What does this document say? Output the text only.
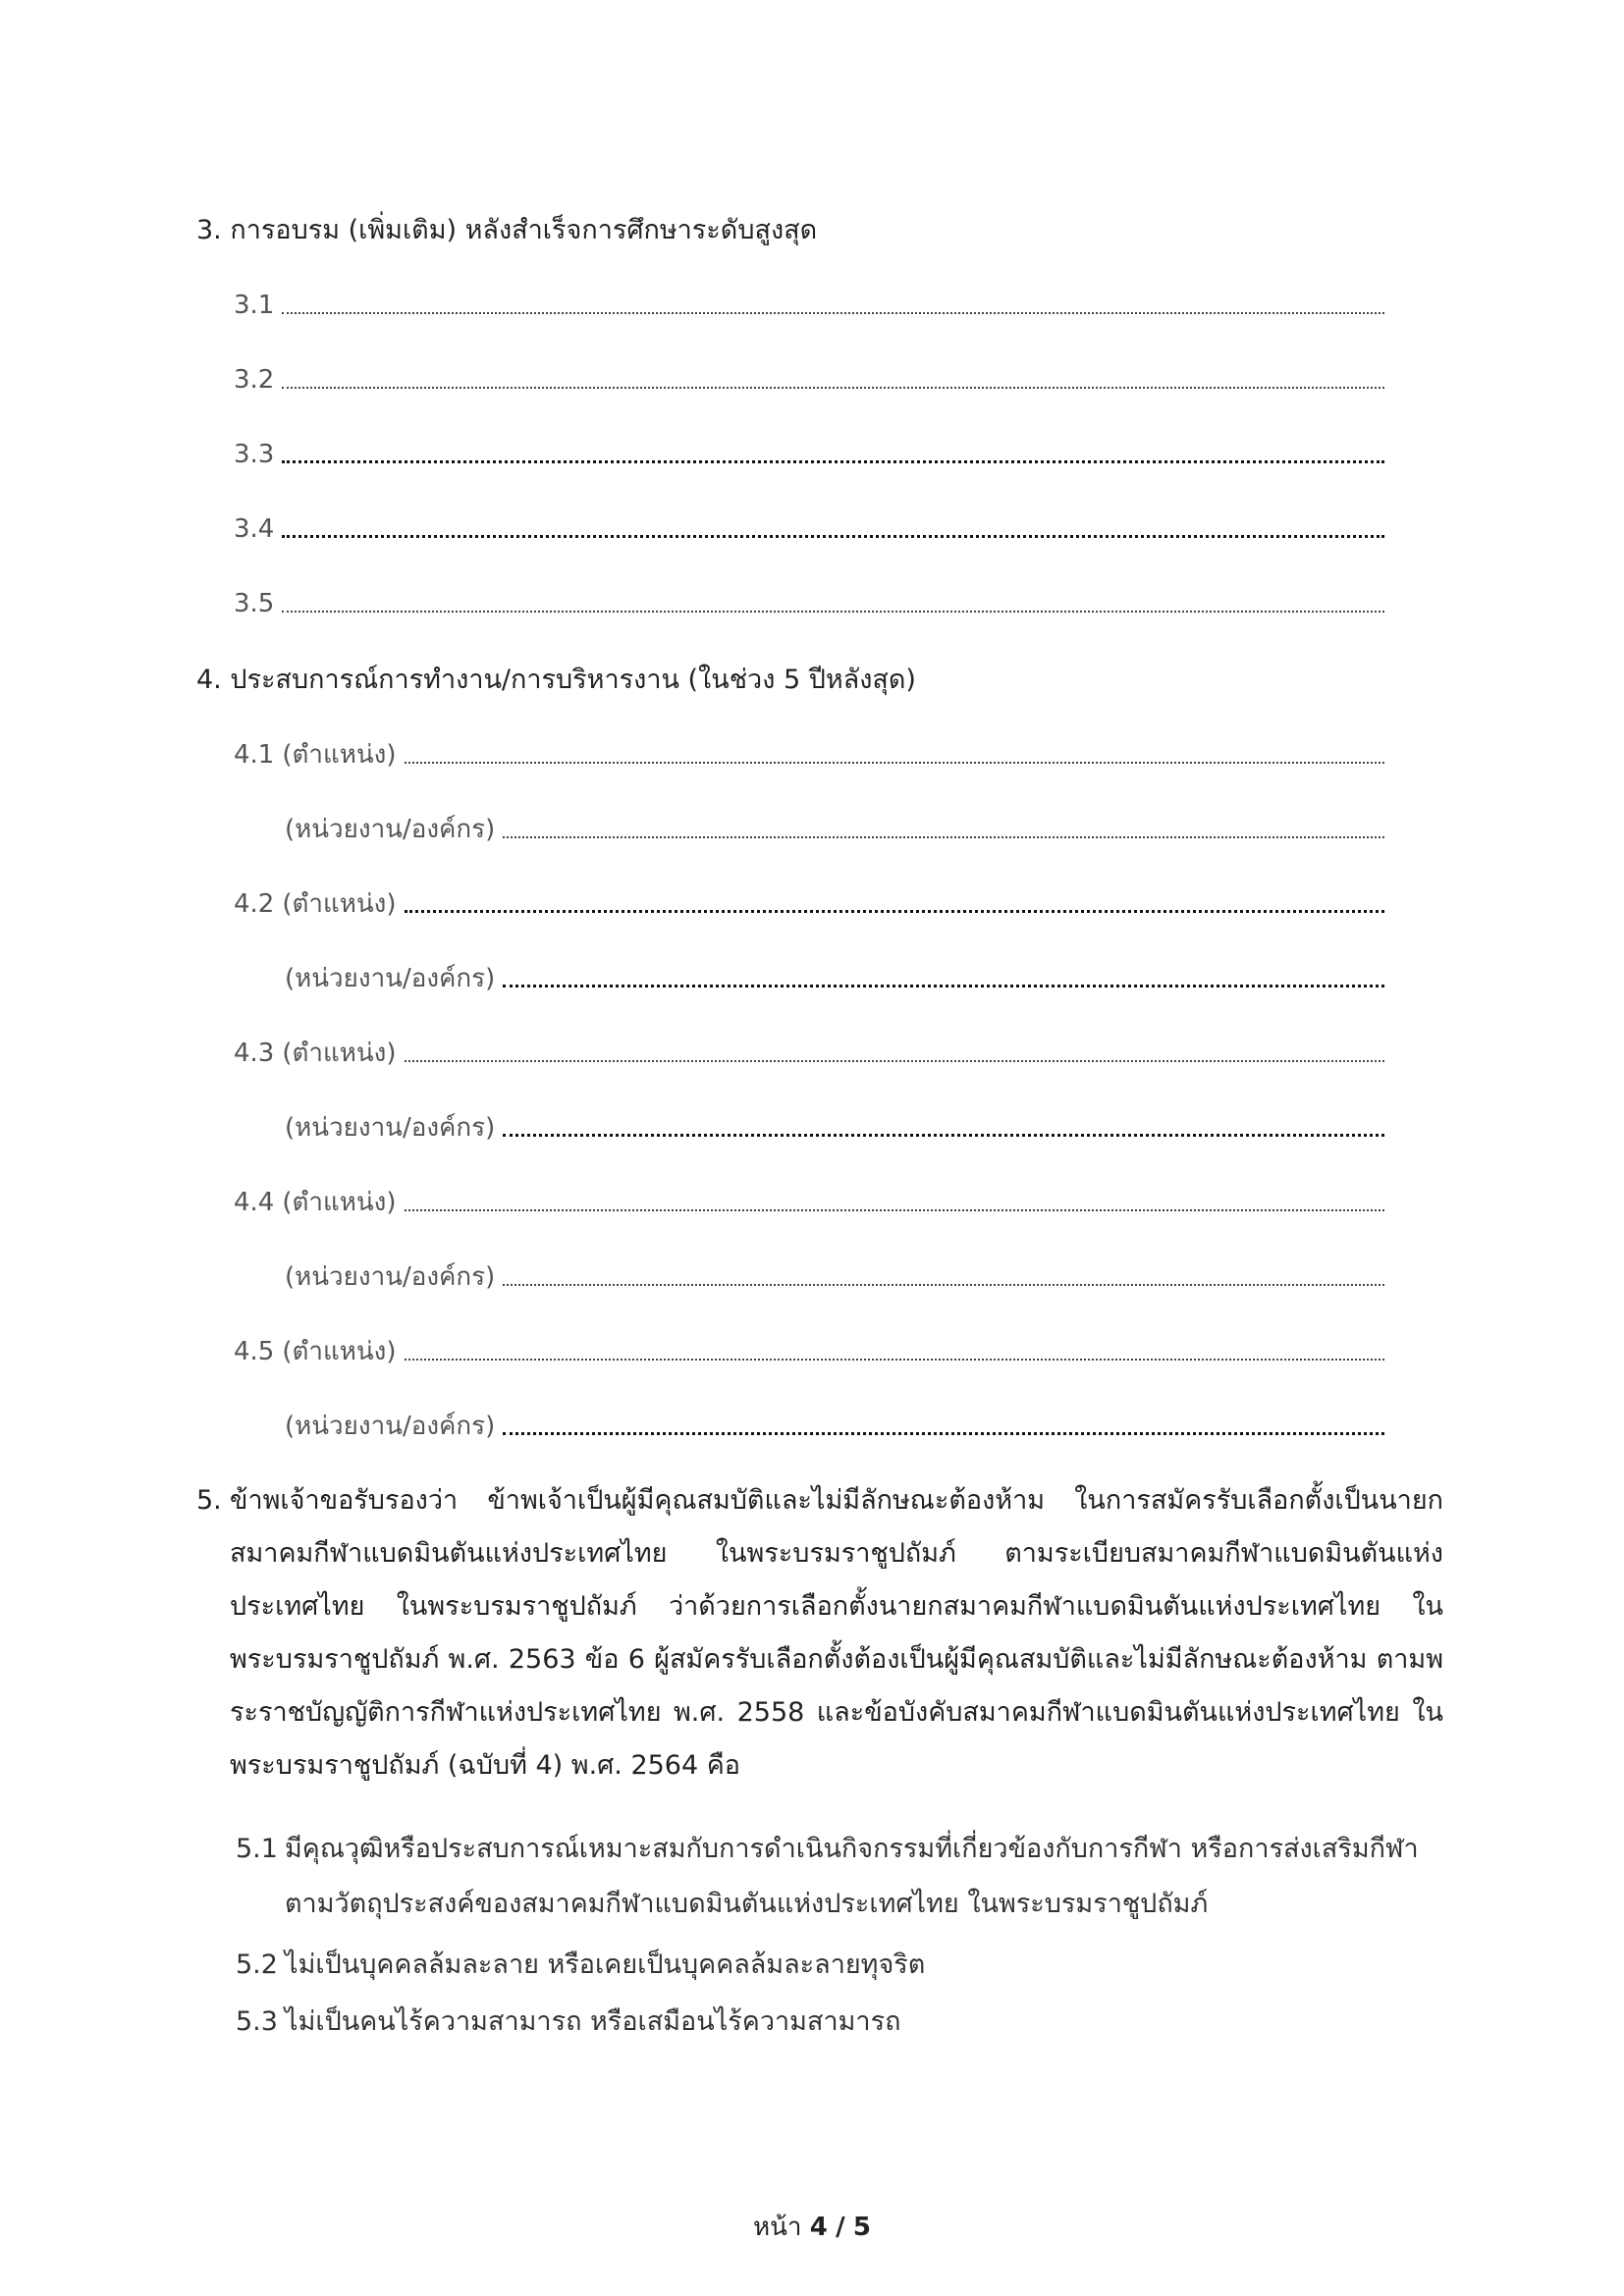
3. การอบรม (เพิ่มเติม) หลังสำเร็จการศึกษาระดับสูงสุด
3.1
3.2
3.3
3.4
3.5
4. ประสบการณ์การทำงาน/การบริหารงาน (ในช่วง 5 ปีหลังสุด)
4.1 (ตำแหน่ง)
(หน่วยงาน/องค์กร)
4.2 (ตำแหน่ง)
(หน่วยงาน/องค์กร)
4.3 (ตำแหน่ง)
(หน่วยงาน/องค์กร)
4.4 (ตำแหน่ง)
(หน่วยงาน/องค์กร)
4.5 (ตำแหน่ง)
(หน่วยงาน/องค์กร)
5. ข้าพเจ้าขอรับรองว่า ข้าพเจ้าเป็นผู้มีคุณสมบัติและไม่มีลักษณะต้องห้าม ในการสมัครรับเลือกตั้งเป็นนายกสมาคมกีฬาแบดมินตันแห่งประเทศไทย ในพระบรมราชูปถัมภ์ ตามระเบียบสมาคมกีฬาแบดมินตันแห่งประเทศไทย ในพระบรมราชูปถัมภ์ ว่าด้วยการเลือกตั้งนายกสมาคมกีฬาแบดมินตันแห่งประเทศไทย ในพระบรมราชูปถัมภ์ พ.ศ. 2563 ข้อ 6 ผู้สมัครรับเลือกตั้งต้องเป็นผู้มีคุณสมบัติและไม่มีลักษณะต้องห้าม ตามพระราชบัญญัติการกีฬาแห่งประเทศไทย พ.ศ. 2558 และข้อบังคับสมาคมกีฬาแบดมินตันแห่งประเทศไทย ในพระบรมราชูปถัมภ์ (ฉบับที่ 4) พ.ศ. 2564 คือ
5.1 มีคุณวุฒิหรือประสบการณ์เหมาะสมกับการดำเนินกิจกรรมที่เกี่ยวข้องกับการกีฬา หรือการส่งเสริมกีฬาตามวัตถุประสงค์ของสมาคมกีฬาแบดมินตันแห่งประเทศไทย ในพระบรมราชูปถัมภ์
5.2 ไม่เป็นบุคคลล้มละลาย หรือเคยเป็นบุคคลล้มละลายทุจริต
5.3 ไม่เป็นคนไร้ความสามารถ หรือเสมือนไร้ความสามารถ
หน้า 4 / 5
